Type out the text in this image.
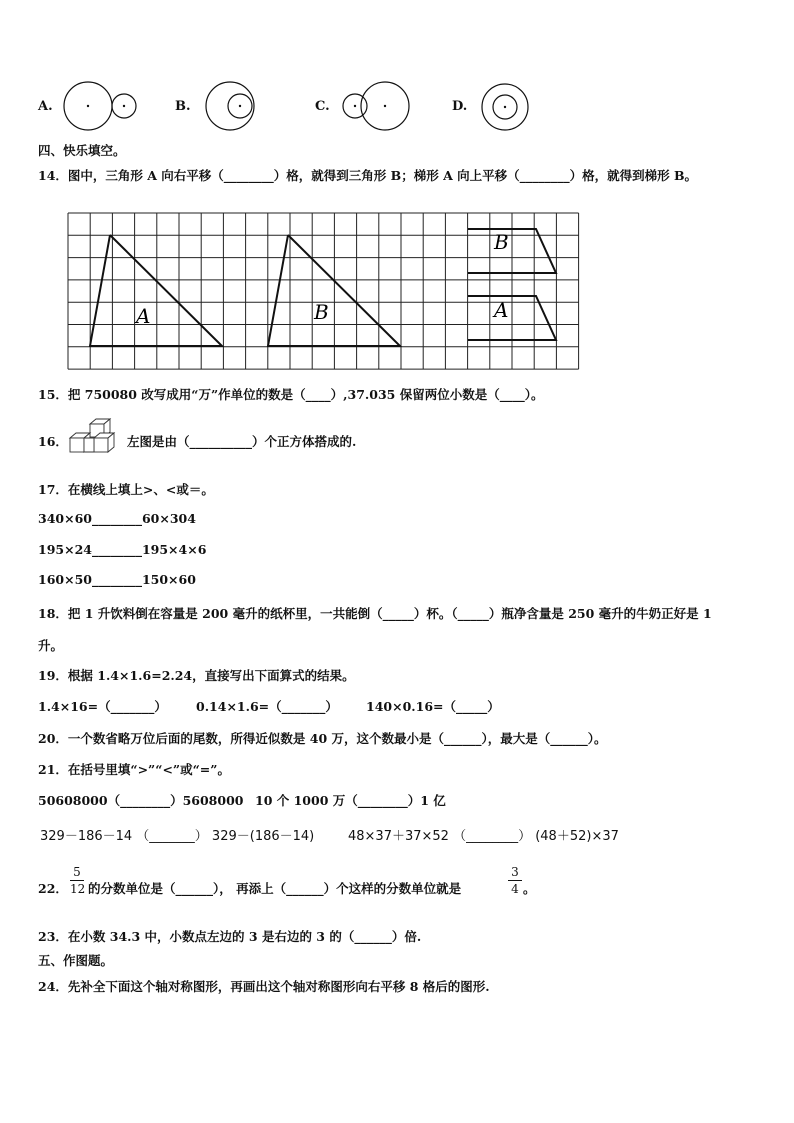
A.	B.	C.	D.
四、快乐填空。
14．图中，三角形 A 向右平移（________）格，就得到三角形 B；梯形 A 向上平移（________）格，就得到梯形 B。
A	B
B
A
15．把 750080 改写成用“万”作单位的数是（____）,37.035 保留两位小数是（____）。
16．	左图是由（__________）个正方体搭成的.
17．在横线上填上>、<或＝。
340×60________60×304
195×24________195×4×6
160×50________150×60
18．把 1 升饮料倒在容量是 200 毫升的纸杯里，一共能倒（_____）杯。（_____）瓶净含量是 250 毫升的牛奶正好是 1
升。
19．根据 1.4×1.6=2.24，直接写出下面算式的结果。
1.4×16=（_______） 0.14×1.6=（_______） 140×0.16=（_____）
20．一个数省略万位后面的尾数，所得近似数是 40 万，这个数最小是（______），最大是（______）。
21．在括号里填“>”“<”或“=”。
50608000（________）5608000 10 个 1000 万（________）1 亿
329－186－14 （_______） 329－(186－14)	48×37＋37×52 （________） (48＋52)×37
22．
5
12 的分数单位是（______）， 再添上（______）个这样的分数单位就是
3
4 。
23．在小数 34.3 中，小数点左边的 3 是右边的 3 的（______）倍.
五、作图题。
24．先补全下面这个轴对称图形，再画出这个轴对称图形向右平移 8 格后的图形.
